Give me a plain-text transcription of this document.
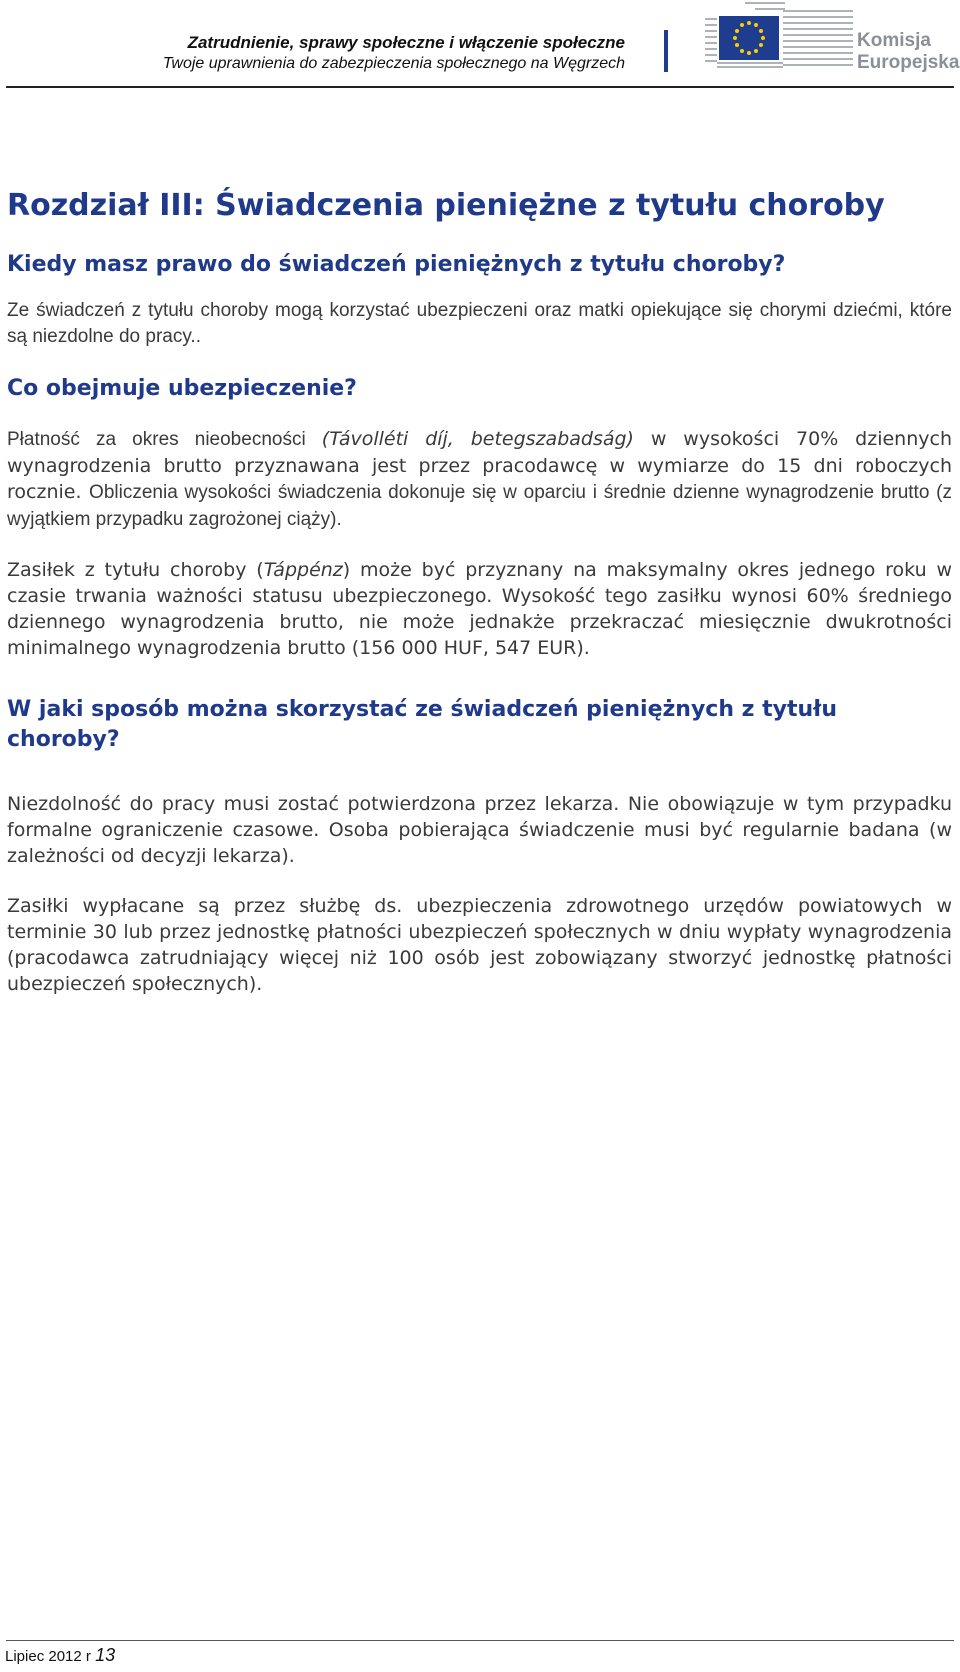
Zatrudnienie, sprawy społeczne i włączenie społeczne
Twoje uprawnienia do zabezpieczenia społecznego na Węgrzech
Komisja
Europejska
Rozdział III: Świadczenia pieniężne z tytułu choroby
Kiedy masz prawo do świadczeń pieniężnych z tytułu choroby?

Ze świadczeń z tytułu choroby mogą korzystać ubezpieczeni oraz matki opiekujące się chorymi dziećmi, które są niezdolne do pracy..

Co obejmuje ubezpieczenie?

Płatność za okres nieobecności (Távolléti díj, betegszabadság) w wysokości 70% dziennych wynagrodzenia brutto przyznawana jest przez pracodawcę w wymiarze do 15 dni roboczych rocznie. Obliczenia wysokości świadczenia dokonuje się w oparciu i średnie dzienne wynagrodzenie brutto (z wyjątkiem przypadku zagrożonej ciąży).

Zasiłek z tytułu choroby (Táppénz) może być przyznany na maksymalny okres jednego roku w czasie trwania ważności statusu ubezpieczonego. Wysokość tego zasiłku wynosi 60% średniego dziennego wynagrodzenia brutto, nie może jednakże przekraczać miesięcznie dwukrotności minimalnego wynagrodzenia brutto (156 000 HUF, 547 EUR).

W jaki sposób można skorzystać ze świadczeń pieniężnych z tytułu choroby?

Niezdolność do pracy musi zostać potwierdzona przez lekarza. Nie obowiązuje w tym przypadku formalne ograniczenie czasowe. Osoba pobierająca świadczenie musi być regularnie badana (w zależności od decyzji lekarza).

Zasiłki wypłacane są przez służbę ds. ubezpieczenia zdrowotnego urzędów powiatowych w terminie 30 lub przez jednostkę płatności ubezpieczeń społecznych w dniu wypłaty wynagrodzenia (pracodawca zatrudniający więcej niż 100 osób jest zobowiązany stworzyć jednostkę płatności ubezpieczeń społecznych).

Lipiec 2012 r 13
